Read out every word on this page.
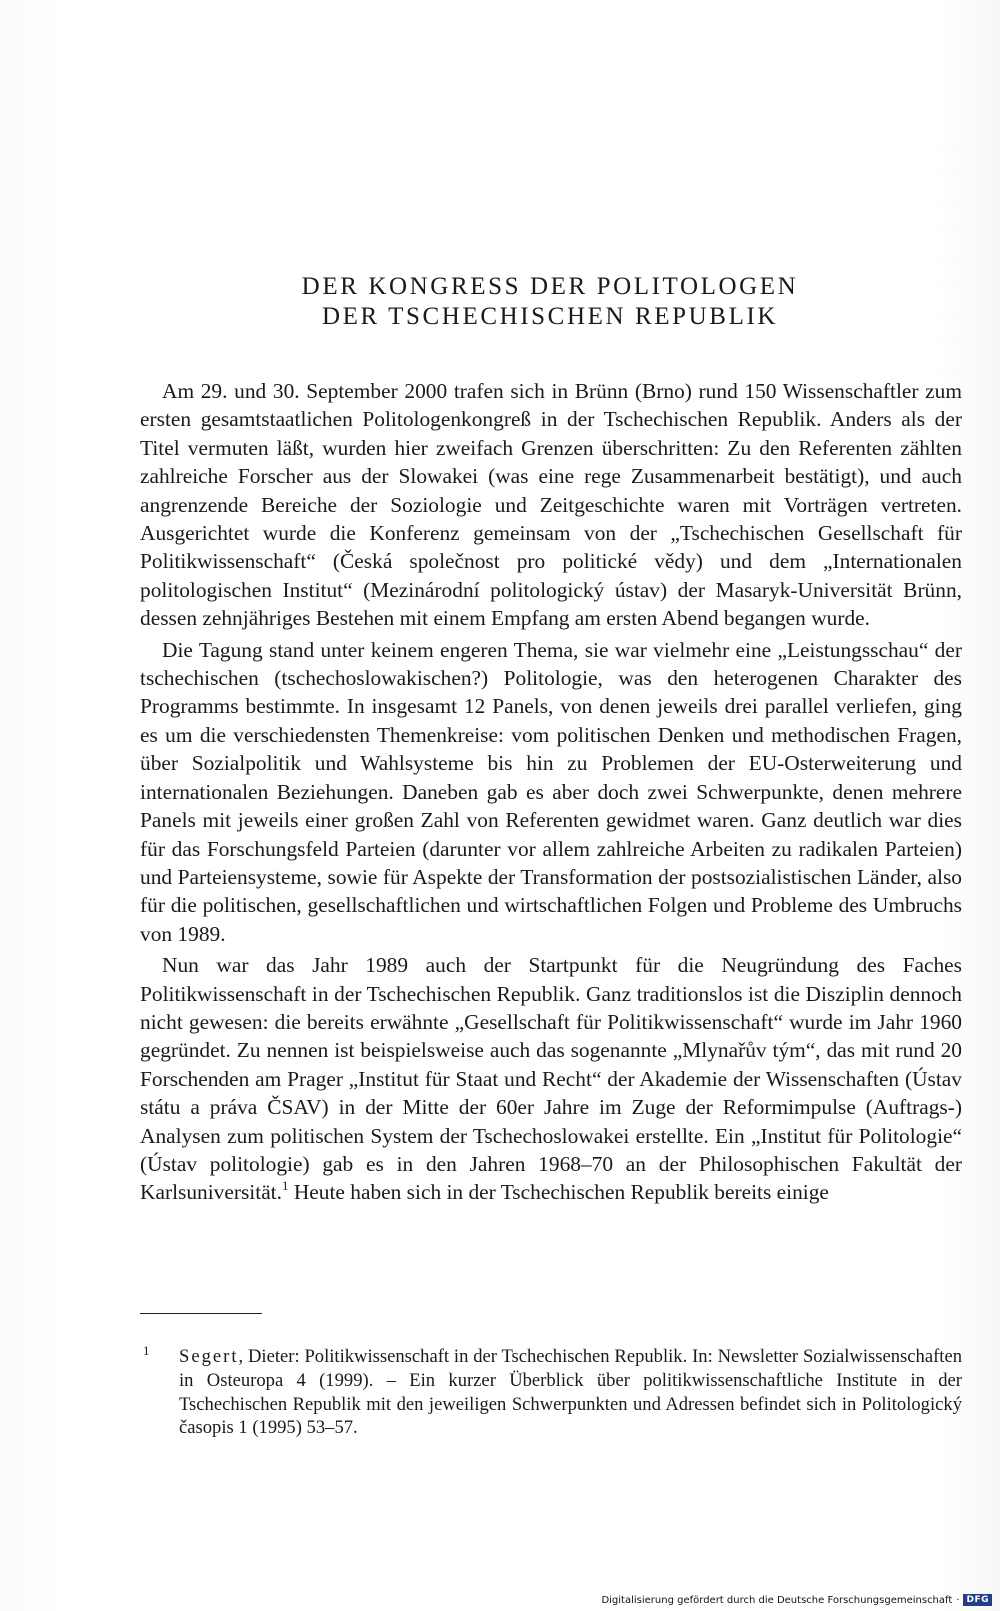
DER KONGRESS DER POLITOLOGEN
DER TSCHECHISCHEN REPUBLIK

Am 29. und 30. September 2000 trafen sich in Brünn (Brno) rund 150 Wissenschaftler zum ersten gesamtstaatlichen Politologenkongreß in der Tschechischen Republik. Anders als der Titel vermuten läßt, wurden hier zweifach Grenzen überschritten: Zu den Referenten zählten zahlreiche Forscher aus der Slowakei (was eine rege Zusammenarbeit bestätigt), und auch angrenzende Bereiche der Soziologie und Zeitgeschichte waren mit Vorträgen vertreten. Ausgerichtet wurde die Konferenz gemeinsam von der „Tschechischen Gesellschaft für Politikwissenschaft“ (Česká společnost pro politické vědy) und dem „Internationalen politologischen Institut“ (Mezinárodní politologický ústav) der Masaryk-Universität Brünn, dessen zehnjähriges Bestehen mit einem Empfang am ersten Abend begangen wurde.

Die Tagung stand unter keinem engeren Thema, sie war vielmehr eine „Leistungsschau“ der tschechischen (tschechoslowakischen?) Politologie, was den heterogenen Charakter des Programms bestimmte. In insgesamt 12 Panels, von denen jeweils drei parallel verliefen, ging es um die verschiedensten Themenkreise: vom politischen Denken und methodischen Fragen, über Sozialpolitik und Wahlsysteme bis hin zu Problemen der EU-Osterweiterung und internationalen Beziehungen. Daneben gab es aber doch zwei Schwerpunkte, denen mehrere Panels mit jeweils einer großen Zahl von Referenten gewidmet waren. Ganz deutlich war dies für das Forschungsfeld Parteien (darunter vor allem zahlreiche Arbeiten zu radikalen Parteien) und Parteiensysteme, sowie für Aspekte der Transformation der postsozialistischen Länder, also für die politischen, gesellschaftlichen und wirtschaftlichen Folgen und Probleme des Umbruchs von 1989.

Nun war das Jahr 1989 auch der Startpunkt für die Neugründung des Faches Politikwissenschaft in der Tschechischen Republik. Ganz traditionslos ist die Disziplin dennoch nicht gewesen: die bereits erwähnte „Gesellschaft für Politikwissenschaft“ wurde im Jahr 1960 gegründet. Zu nennen ist beispielsweise auch das sogenannte „Mlynařův tým“, das mit rund 20 Forschenden am Prager „Institut für Staat und Recht“ der Akademie der Wissenschaften (Ústav státu a práva ČSAV) in der Mitte der 60er Jahre im Zuge der Reformimpulse (Auftrags-) Analysen zum politischen System der Tschechoslowakei erstellte. Ein „Institut für Politologie“ (Ústav politologie) gab es in den Jahren 1968–70 an der Philosophischen Fakultät der Karlsuniversität.$^1$ Heute haben sich in der Tschechischen Republik bereits einige

1 Segert, Dieter: Politikwissenschaft in der Tschechischen Republik. In: Newsletter Sozialwissenschaften in Osteuropa 4 (1999). – Ein kurzer Überblick über politikwissenschaftliche Institute in der Tschechischen Republik mit den jeweiligen Schwerpunkten und Adressen befindet sich in Politologický časopis 1 (1995) 53–57.
Digitalisierung gefördert durch die Deutsche Forschungsgemeinschaft · DFG
